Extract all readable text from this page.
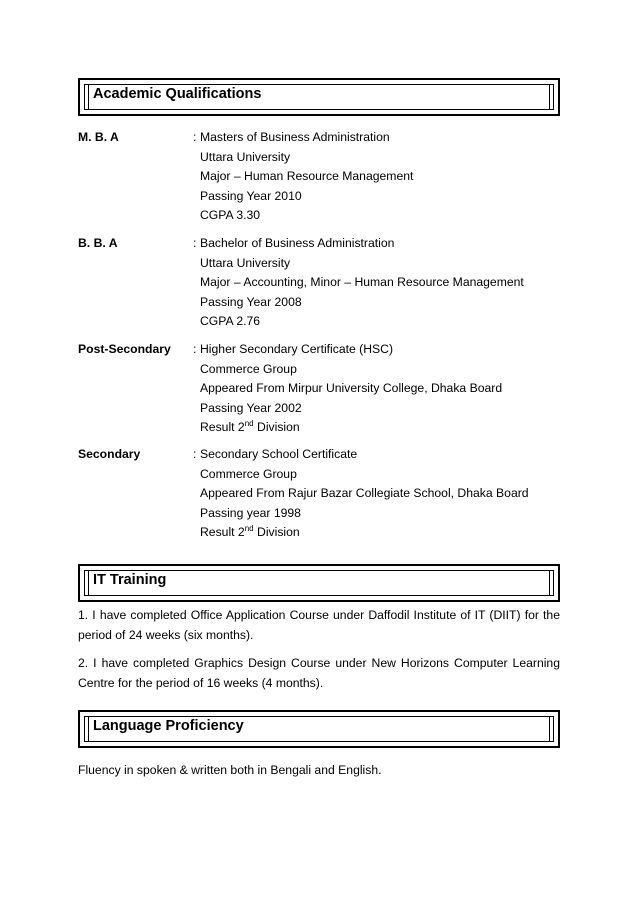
Academic Qualifications
M. B. A	: Masters of Business Administration
Uttara University
Major – Human Resource Management
Passing Year 2010
CGPA 3.30
B. B. A	: Bachelor of Business Administration
Uttara University
Major – Accounting, Minor – Human Resource Management
Passing Year 2008
CGPA 2.76
Post-Secondary : Higher Secondary Certificate (HSC)
Commerce Group
Appeared From Mirpur University College, Dhaka Board
Passing Year 2002
Result 2nd Division
Secondary	: Secondary School Certificate
Commerce Group
Appeared From Rajur Bazar Collegiate School, Dhaka Board
Passing year 1998
Result 2nd Division
IT Training
1. I have completed Office Application Course under Daffodil Institute of IT (DIIT) for the period of 24 weeks (six months).
2. I have completed Graphics Design Course under New Horizons Computer Learning Centre for the period of 16 weeks (4 months).
Language Proficiency
Fluency in spoken & written both in Bengali and English.
